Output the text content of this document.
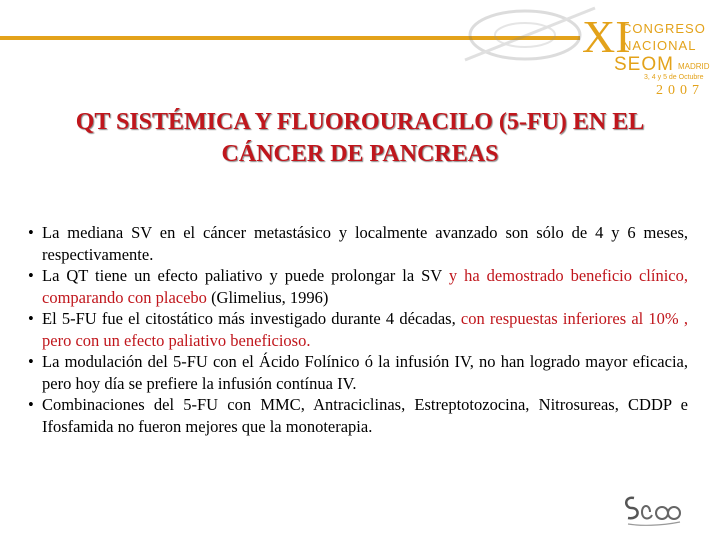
XI
CONGRESO
NACIONAL
SEOM MADRID
3, 4 y 5 de Octubre
2007
QT SISTÉMICA Y FLUOROURACILO (5-FU) EN EL
CÁNCER DE PANCREAS
• La mediana SV en el cáncer metastásico y localmente avanzado son sólo de 4 y 6 meses, respectivamente.
• La QT tiene un efecto paliativo y puede prolongar la SV y ha demostrado beneficio clínico, comparando con placebo (Glimelius, 1996)
• El 5-FU fue el citostático más investigado durante 4 décadas, con respuestas inferiores al 10% , pero con un efecto paliativo beneficioso.
• La modulación del 5-FU con el Ácido Folínico ó la infusión IV, no han logrado mayor eficacia, pero hoy día se prefiere la infusión contínua IV.
• Combinaciones del 5-FU con MMC, Antraciclinas, Estreptotozocina, Nitrosureas, CDDP e Ifosfamida no fueron mejores que la monoterapia.
